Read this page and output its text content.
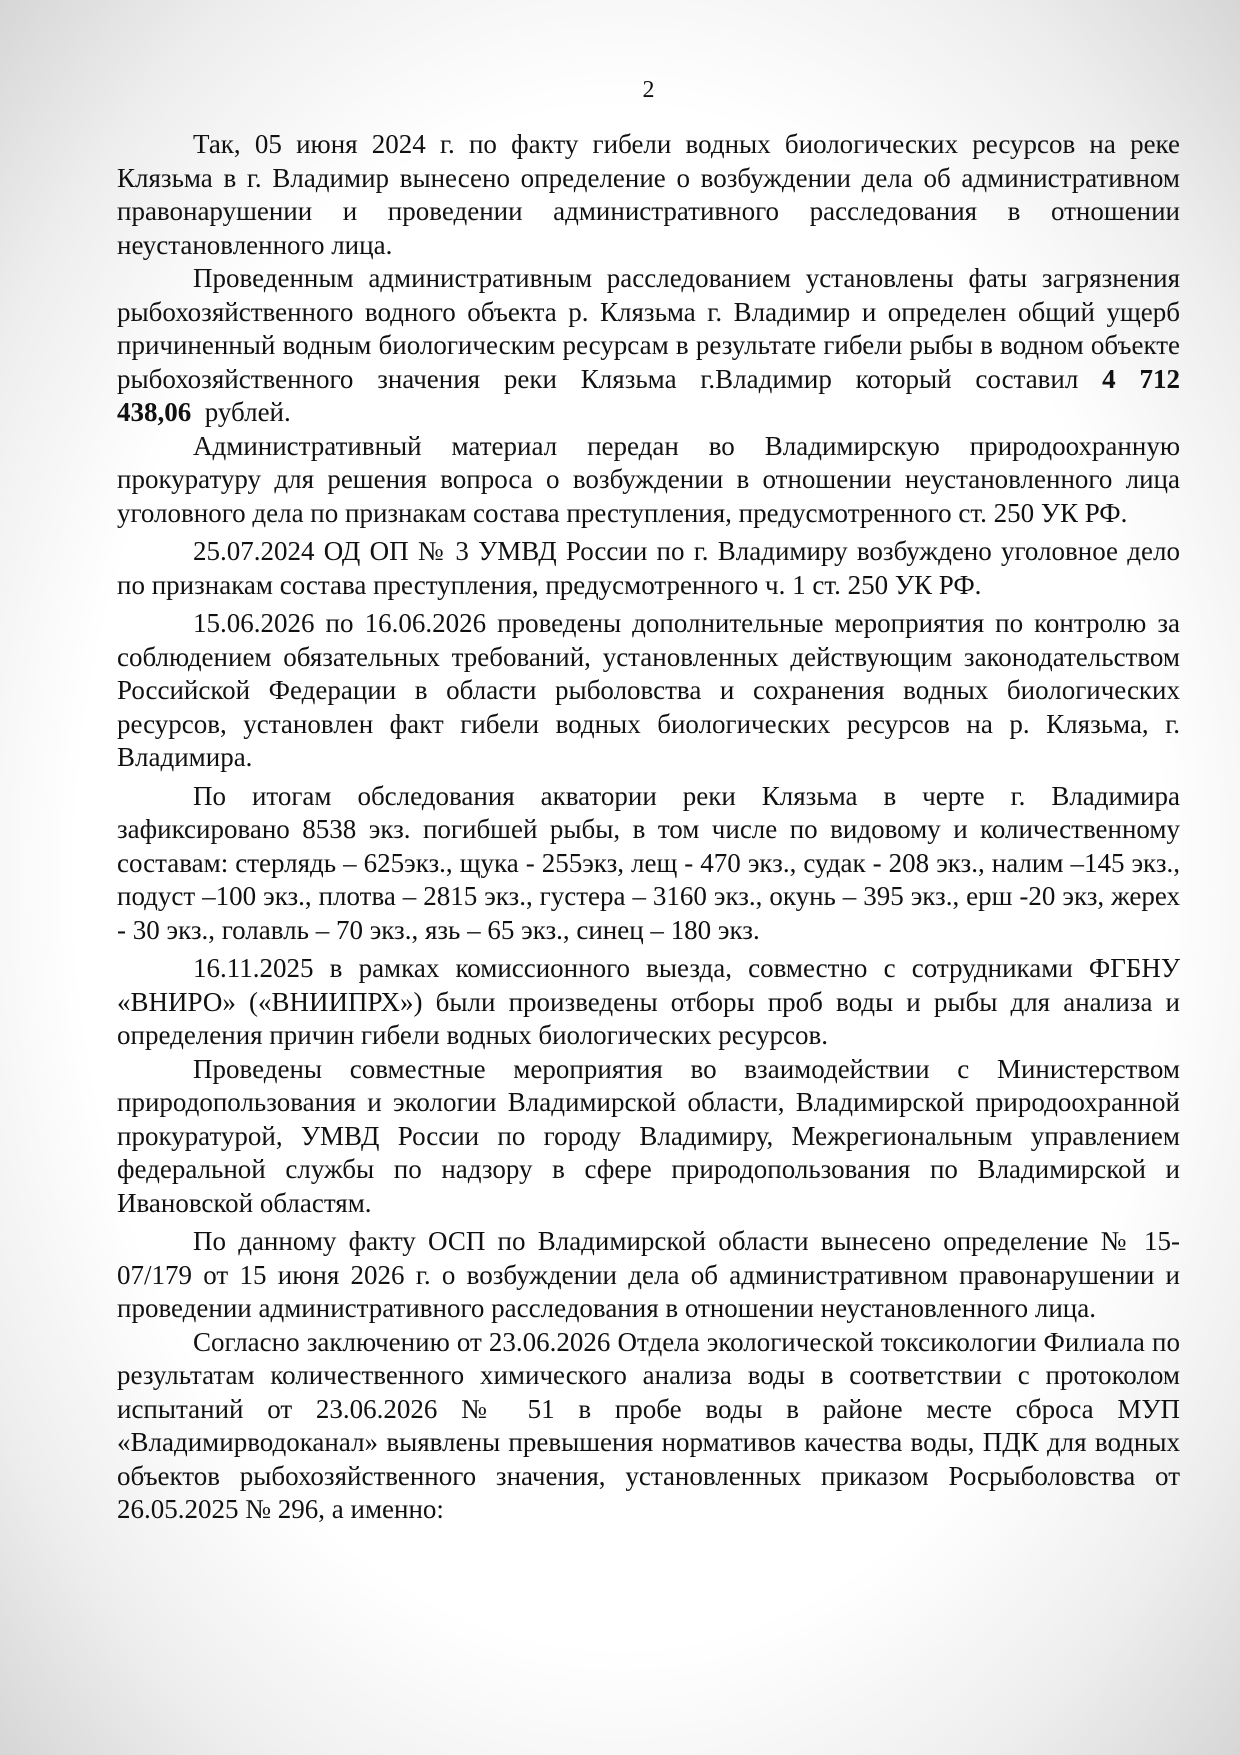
2

Так, 05 июня 2024 г. по факту гибели водных биологических ресурсов на реке Клязьма в г. Владимир вынесено определение о возбуждении дела об административном правонарушении и проведении административного расследования в отношении неустановленного лица.

Проведенным административным расследованием установлены фаты загрязнения рыбохозяйственного водного объекта р. Клязьма г. Владимир и определен общий ущерб причиненный водным биологическим ресурсам в результате гибели рыбы в водном объекте рыбохозяйственного значения реки Клязьма г.Владимир который составил 4 712 438,06 рублей.

Административный материал передан во Владимирскую природоохранную прокуратуру для решения вопроса о возбуждении в отношении неустановленного лица уголовного дела по признакам состава преступления, предусмотренного ст. 250 УК РФ.

25.07.2024 ОД ОП № 3 УМВД России по г. Владимиру возбуждено уголовное дело по признакам состава преступления, предусмотренного ч. 1 ст. 250 УК РФ.

15.06.2026 по 16.06.2026 проведены дополнительные мероприятия по контролю за соблюдением обязательных требований, установленных действующим законодательством Российской Федерации в области рыболовства и сохранения водных биологических ресурсов, установлен факт гибели водных биологических ресурсов на р. Клязьма, г. Владимира.

По итогам обследования акватории реки Клязьма в черте г. Владимира зафиксировано 8538 экз. погибшей рыбы, в том числе по видовому и количественному составам: стерлядь – 625экз., щука - 255экз, лещ - 470 экз., судак - 208 экз., налим –145 экз., подуст –100 экз., плотва – 2815 экз., густера – 3160 экз., окунь – 395 экз., ерш -20 экз, жерех - 30 экз., голавль – 70 экз., язь – 65 экз., синец – 180 экз.

16.11.2025 в рамках комиссионного выезда, совместно с сотрудниками ФГБНУ «ВНИРО» («ВНИИПРХ») были произведены отборы проб воды и рыбы для анализа и определения причин гибели водных биологических ресурсов.

Проведены совместные мероприятия во взаимодействии с Министерством природопользования и экологии Владимирской области, Владимирской природоохранной прокуратурой, УМВД России по городу Владимиру, Межрегиональным управлением федеральной службы по надзору в сфере природопользования по Владимирской и Ивановской областям.

По данному факту ОСП по Владимирской области вынесено определение № 15-07/179 от 15 июня 2026 г. о возбуждении дела об административном правонарушении и проведении административного расследования в отношении неустановленного лица.

Согласно заключению от 23.06.2026 Отдела экологической токсикологии Филиала по результатам количественного химического анализа воды в соответствии с протоколом испытаний от 23.06.2026 № 51 в пробе воды в районе месте сброса МУП «Владимирводоканал» выявлены превышения нормативов качества воды, ПДК для водных объектов рыбохозяйственного значения, установленных приказом Росрыболовства от 26.05.2025 № 296, а именно:
